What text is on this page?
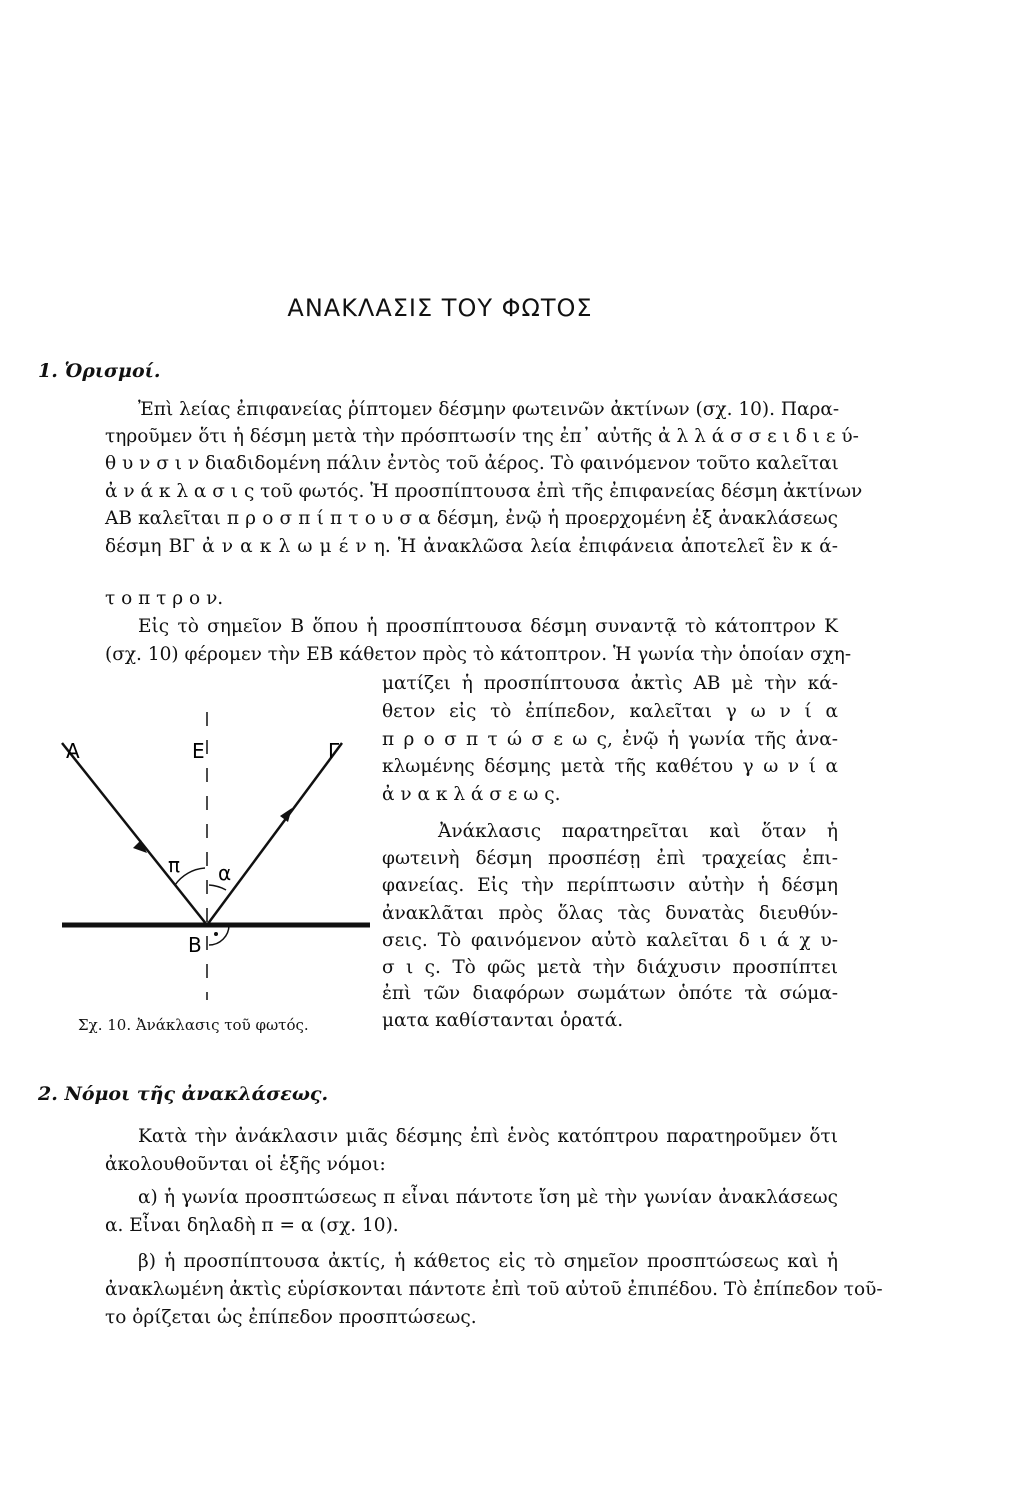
ΑΝΑΚΛΑΣΙΣ ΤΟΥ ΦΩΤΟΣ
1. Ὁρισμοί.
Ἐπὶ λείας ἐπιφανείας ῥίπτομεν δέσμην φωτεινῶν ἀκτίνων (σχ. 10). Παρα-
τηροῦμεν ὅτι ἡ δέσμη μετὰ τὴν πρόσπτωσίν της ἐπ᾿ αὐτῆς ἀ λ λ ά σ σ ε ι δ ι ε ύ-
θ υ ν σ ι ν διαδιδομένη πάλιν ἐντὸς τοῦ ἀέρος. Τὸ φαινόμενον τοῦτο καλεῖται
ἀ ν ά κ λ α σ ι ς τοῦ φωτός. Ἡ προσπίπτουσα ἐπὶ τῆς ἐπιφανείας δέσμη ἀκτίνων
ΑΒ καλεῖται π ρ ο σ π ί π τ ο υ σ α δέσμη, ἐνῷ ἡ προερχομένη ἐξ ἀνακλάσεως
δέσμη ΒΓ ἀ ν α κ λ ω μ έ ν η. Ἡ ἀνακλῶσα λεία ἐπιφάνεια ἀποτελεῖ ἓν κ ά-
τ ο π τ ρ ο ν.
Εἰς τὸ σημεῖον Β ὅπου ἡ προσπίπτουσα δέσμη συναντᾷ τὸ κάτοπτρον Κ
(σχ. 10) φέρομεν τὴν ΕΒ κάθετον πρὸς τὸ κάτοπτρον. Ἡ γωνία τὴν ὁποίαν σχη-
ματίζει ἡ προσπίπτουσα ἀκτὶς ΑΒ μὲ τὴν κά-
θετον εἰς τὸ ἐπίπεδον, καλεῖται γ ω ν ί α
π ρ ο σ π τ ώ σ ε ω ς, ἐνῷ ἡ γωνία τῆς ἀνα-
κλωμένης δέσμης μετὰ τῆς καθέτου γ ω ν ί α
ἀ ν α κ λ ά σ ε ω ς.
Ἀνάκλασις παρατηρεῖται καὶ ὅταν ἡ
φωτεινὴ δέσμη προσπέσῃ ἐπὶ τραχείας ἐπι-
φανείας. Εἰς τὴν περίπτωσιν αὐτὴν ἡ δέσμη
ἀνακλᾶται πρὸς ὅλας τὰς δυνατὰς διευθύν-
σεις. Τὸ φαινόμενον αὐτὸ καλεῖται δ ι ά χ υ-
σ ι ς. Τὸ φῶς μετὰ τὴν διάχυσιν προσπίπτει
ἐπὶ τῶν διαφόρων σωμάτων ὁπότε τὰ σώμα-
ματα καθίστανται ὁρατά.
Α	Ε	Γ
π α
Β
Σχ. 10. Ἀνάκλασις τοῦ φωτός.
2. Νόμοι τῆς ἀνακλάσεως.
Κατὰ τὴν ἀνάκλασιν μιᾶς δέσμης ἐπὶ ἑνὸς κατόπτρου παρατηροῦμεν ὅτι
ἀκολουθοῦνται οἱ ἑξῆς νόμοι:
α) ἡ γωνία προσπτώσεως π εἶναι πάντοτε ἴση μὲ τὴν γωνίαν ἀνακλάσεως
α. Εἶναι δηλαδὴ π = α (σχ. 10).
β) ἡ προσπίπτουσα ἀκτίς, ἡ κάθετος εἰς τὸ σημεῖον προσπτώσεως καὶ ἡ
ἀνακλωμένη ἀκτὶς εὑρίσκονται πάντοτε ἐπὶ τοῦ αὐτοῦ ἐπιπέδου. Τὸ ἐπίπεδον τοῦ-
το ὁρίζεται ὡς ἐπίπεδον προσπτώσεως.
